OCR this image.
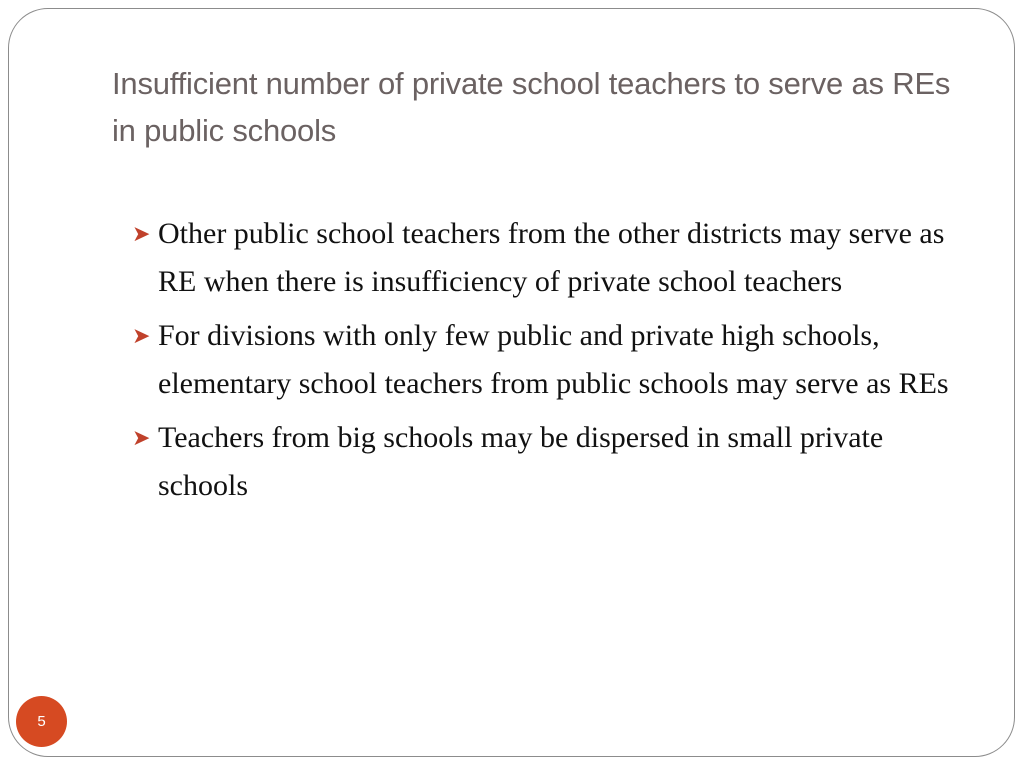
Insufficient number of private school teachers to serve as REs in public schools
➤ Other public school teachers from the other districts may serve as RE when there is insufficiency of private school teachers
➤ For divisions with only few public and private high schools, elementary school teachers from public schools may serve as REs
➤ Teachers from big schools may be dispersed in small private schools
5
